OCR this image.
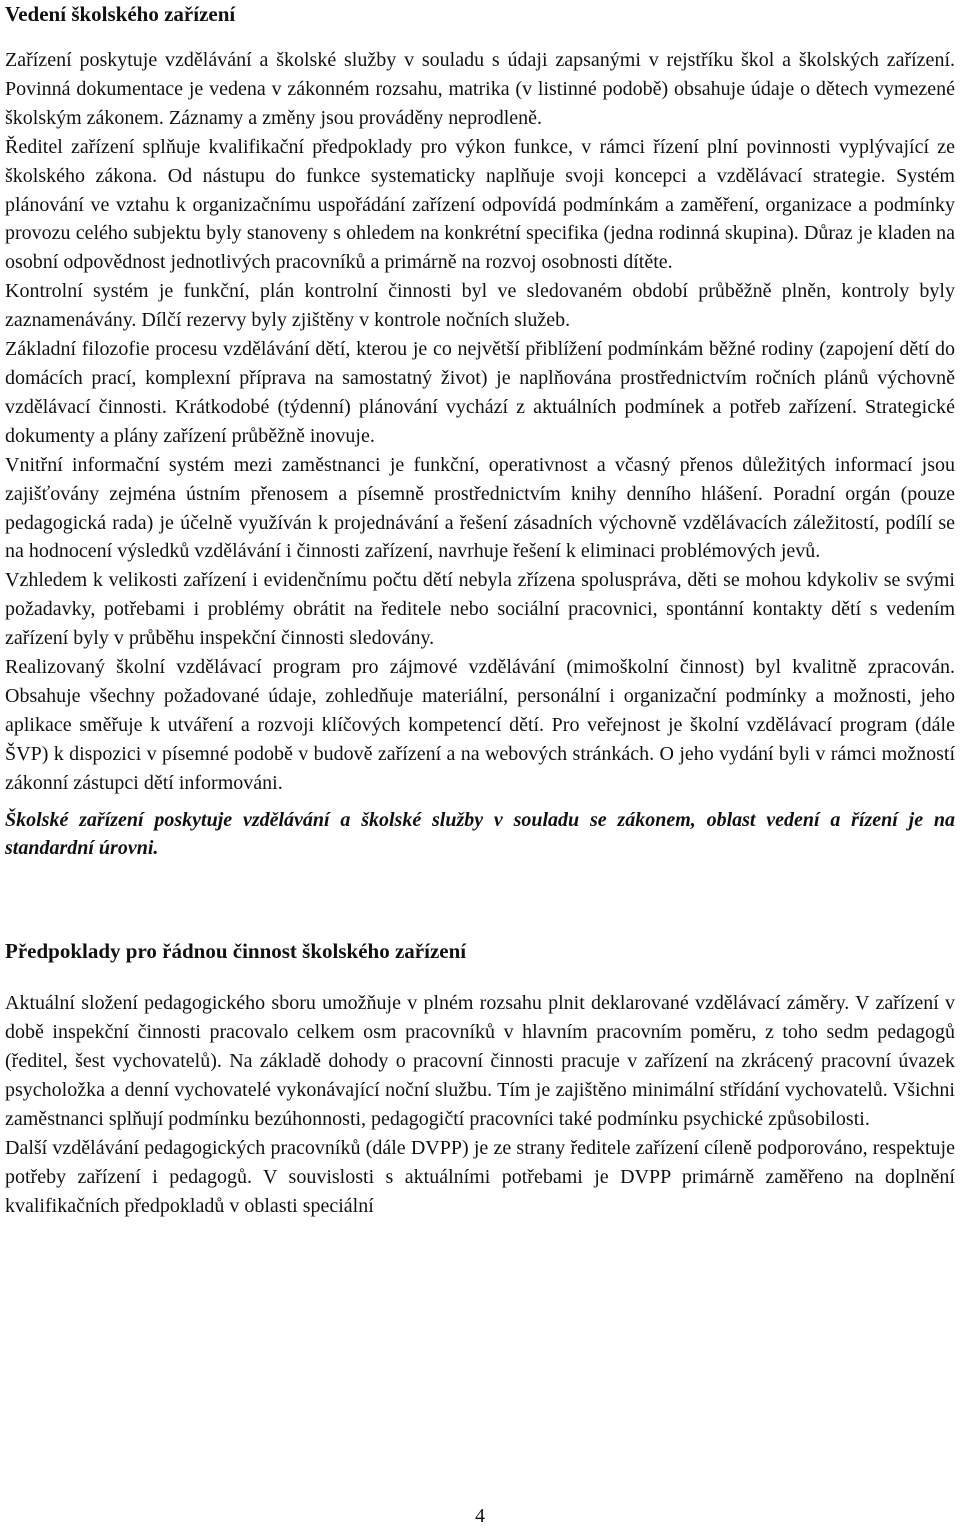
Vedení školského zařízení

Zařízení poskytuje vzdělávání a školské služby v souladu s údaji zapsanými v rejstříku škol a školských zařízení. Povinná dokumentace je vedena v zákonném rozsahu, matrika (v listinné podobě) obsahuje údaje o dětech vymezené školským zákonem. Záznamy a změny jsou prováděny neprodleně.

Ředitel zařízení splňuje kvalifikační předpoklady pro výkon funkce, v rámci řízení plní povinnosti vyplývající ze školského zákona. Od nástupu do funkce systematicky naplňuje svoji koncepci a vzdělávací strategie. Systém plánování ve vztahu k organizačnímu uspořádání zařízení odpovídá podmínkám a zaměření, organizace a podmínky provozu celého subjektu byly stanoveny s ohledem na konkrétní specifika (jedna rodinná skupina). Důraz je kladen na osobní odpovědnost jednotlivých pracovníků a primárně na rozvoj osobnosti dítěte.

Kontrolní systém je funkční, plán kontrolní činnosti byl ve sledovaném období průběžně plněn, kontroly byly zaznamenávány. Dílčí rezervy byly zjištěny v kontrole nočních služeb.

Základní filozofie procesu vzdělávání dětí, kterou je co největší přiblížení podmínkám běžné rodiny (zapojení dětí do domácích prací, komplexní příprava na samostatný život) je naplňována prostřednictvím ročních plánů výchovně vzdělávací činnosti. Krátkodobé (týdenní) plánování vychází z aktuálních podmínek a potřeb zařízení. Strategické dokumenty a plány zařízení průběžně inovuje.

Vnitřní informační systém mezi zaměstnanci je funkční, operativnost a včasný přenos důležitých informací jsou zajišťovány zejména ústním přenosem a písemně prostřednictvím knihy denního hlášení. Poradní orgán (pouze pedagogická rada) je účelně využíván k projednávání a řešení zásadních výchovně vzdělávacích záležitostí, podílí se na hodnocení výsledků vzdělávání i činnosti zařízení, navrhuje řešení k eliminaci problémových jevů.

Vzhledem k velikosti zařízení i evidenčnímu počtu dětí nebyla zřízena spoluspráva, děti se mohou kdykoliv se svými požadavky, potřebami i problémy obrátit na ředitele nebo sociální pracovnici, spontánní kontakty dětí s vedením zařízení byly v průběhu inspekční činnosti sledovány.

Realizovaný školní vzdělávací program pro zájmové vzdělávání (mimoškolní činnost) byl kvalitně zpracován. Obsahuje všechny požadované údaje, zohledňuje materiální, personální i organizační podmínky a možnosti, jeho aplikace směřuje k utváření a rozvoji klíčových kompetencí dětí. Pro veřejnost je školní vzdělávací program (dále ŠVP) k dispozici v písemné podobě v budově zařízení a na webových stránkách. O jeho vydání byli v rámci možností zákonní zástupci dětí informováni.

Školské zařízení poskytuje vzdělávání a školské služby v souladu se zákonem, oblast vedení a řízení je na standardní úrovni.

Předpoklady pro řádnou činnost školského zařízení

Aktuální složení pedagogického sboru umožňuje v plném rozsahu plnit deklarované vzdělávací záměry. V zařízení v době inspekční činnosti pracovalo celkem osm pracovníků v hlavním pracovním poměru, z toho sedm pedagogů (ředitel, šest vychovatelů). Na základě dohody o pracovní činnosti pracuje v zařízení na zkrácený pracovní úvazek psycholožka a denní vychovatelé vykonávající noční službu. Tím je zajištěno minimální střídání vychovatelů. Všichni zaměstnanci splňují podmínku bezúhonnosti, pedagogičtí pracovníci také podmínku psychické způsobilosti.

Další vzdělávání pedagogických pracovníků (dále DVPP) je ze strany ředitele zařízení cíleně podporováno, respektuje potřeby zařízení i pedagogů. V souvislosti s aktuálními potřebami je DVPP primárně zaměřeno na doplnění kvalifikačních předpokladů v oblasti speciální

4
